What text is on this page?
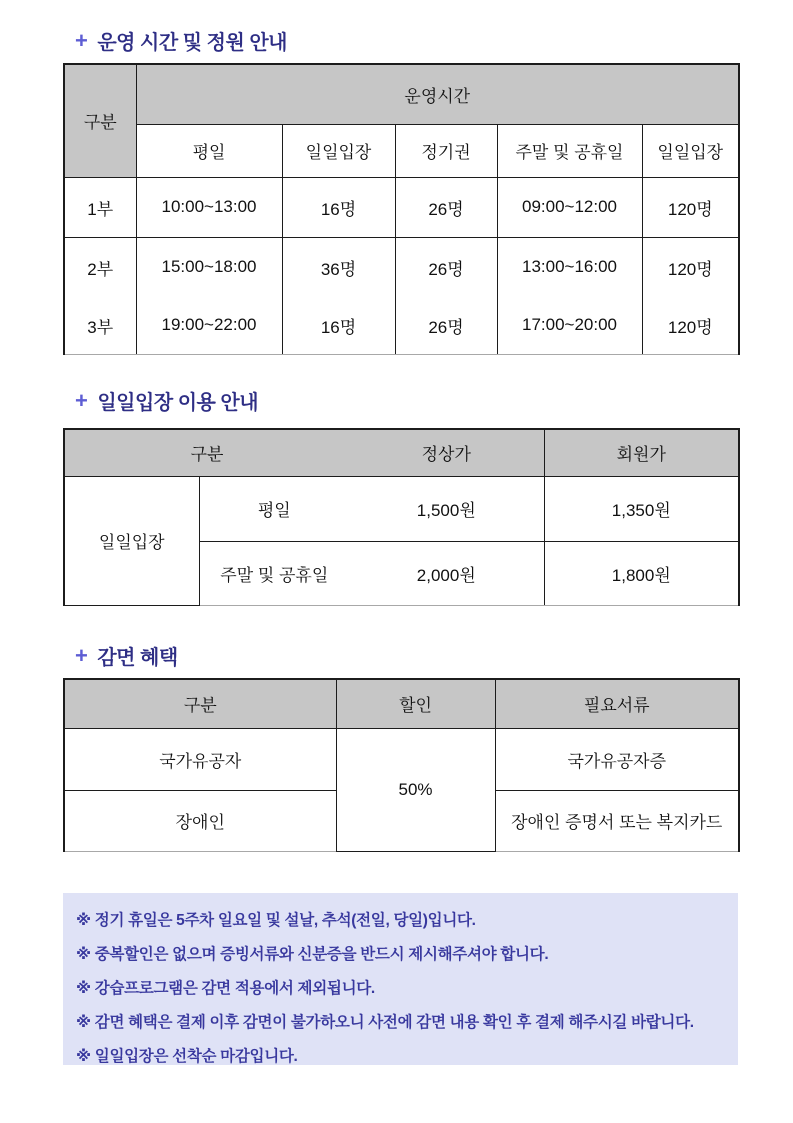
+ 운영 시간 및 정원 안내
구분	운영시간				
	평일	일일입장	정기권	주말 및 공휴일	일일입장
1부	10:00~13:00	16명	26명	09:00~12:00	120명
2부	15:00~18:00	36명	26명	13:00~16:00	120명
3부	19:00~22:00	16명	26명	17:00~20:00	120명
+ 일일입장 이용 안내
구분		정상가	회원가
일일입장	평일	1,500원	1,350원
	주말 및 공휴일	2,000원	1,800원
+ 감면 혜택
구분	할인	필요서류
국가유공자	50%	국가유공자증
장애인		장애인 증명서 또는 복지카드
※ 정기 휴일은 5주차 일요일 및 설날, 추석(전일, 당일)입니다.
※ 중복할인은 없으며 증빙서류와 신분증을 반드시 제시해주셔야 합니다.
※ 강습프로그램은 감면 적용에서 제외됩니다.
※ 감면 혜택은 결제 이후 감면이 불가하오니 사전에 감면 내용 확인 후 결제 해주시길 바랍니다.
※ 일일입장은 선착순 마감입니다.
